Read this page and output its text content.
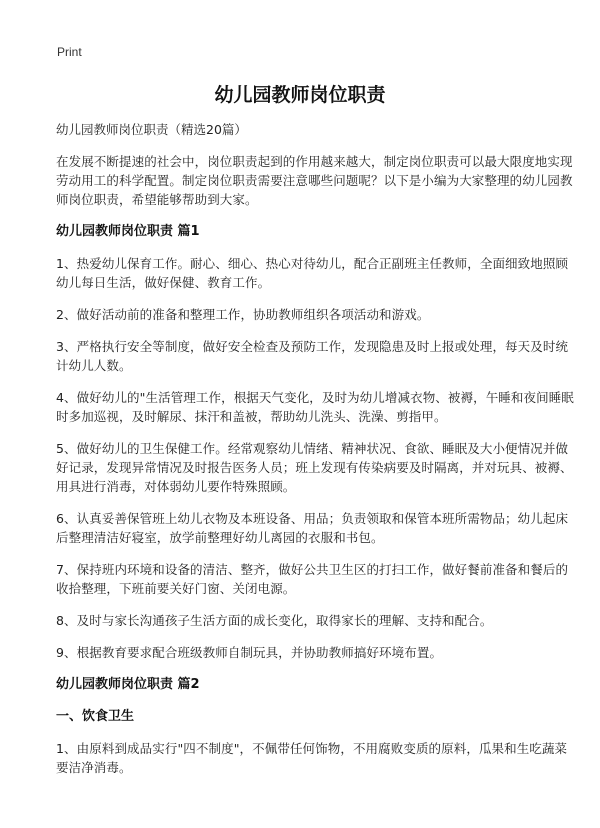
Print
幼儿园教师岗位职责
幼儿园教师岗位职责（精选20篇）

在发展不断提速的社会中，岗位职责起到的作用越来越大，制定岗位职责可以最大限度地实现劳动用工的科学配置。制定岗位职责需要注意哪些问题呢？以下是小编为大家整理的幼儿园教师岗位职责，希望能够帮助到大家。

幼儿园教师岗位职责 篇1

1、热爱幼儿保育工作。耐心、细心、热心对待幼儿，配合正副班主任教师，全面细致地照顾幼儿每日生活，做好保健、教育工作。

2、做好活动前的准备和整理工作，协助教师组织各项活动和游戏。

3、严格执行安全等制度，做好安全检查及预防工作，发现隐患及时上报或处理，每天及时统计幼儿人数。

4、做好幼儿的"生活管理工作，根据天气变化，及时为幼儿增减衣物、被褥，午睡和夜间睡眠时多加巡视，及时解尿、抹汗和盖被，帮助幼儿洗头、洗澡、剪指甲。

5、做好幼儿的卫生保健工作。经常观察幼儿情绪、精神状况、食欲、睡眠及大小便情况并做好记录，发现异常情况及时报告医务人员；班上发现有传染病要及时隔离，并对玩具、被褥、用具进行消毒，对体弱幼儿要作特殊照顾。

6、认真妥善保管班上幼儿衣物及本班设备、用品；负责领取和保管本班所需物品；幼儿起床后整理清洁好寝室，放学前整理好幼儿离园的衣服和书包。

7、保持班内环境和设备的清洁、整齐，做好公共卫生区的打扫工作，做好餐前准备和餐后的收拾整理，下班前要关好门窗、关闭电源。

8、及时与家长沟通孩子生活方面的成长变化，取得家长的理解、支持和配合。

9、根据教育要求配合班级教师自制玩具，并协助教师搞好环境布置。

幼儿园教师岗位职责 篇2
一、饮食卫生

1、由原料到成品实行"四不制度"，不佩带任何饰物，不用腐败变质的原料，瓜果和生吃蔬菜要洁净消毒。
